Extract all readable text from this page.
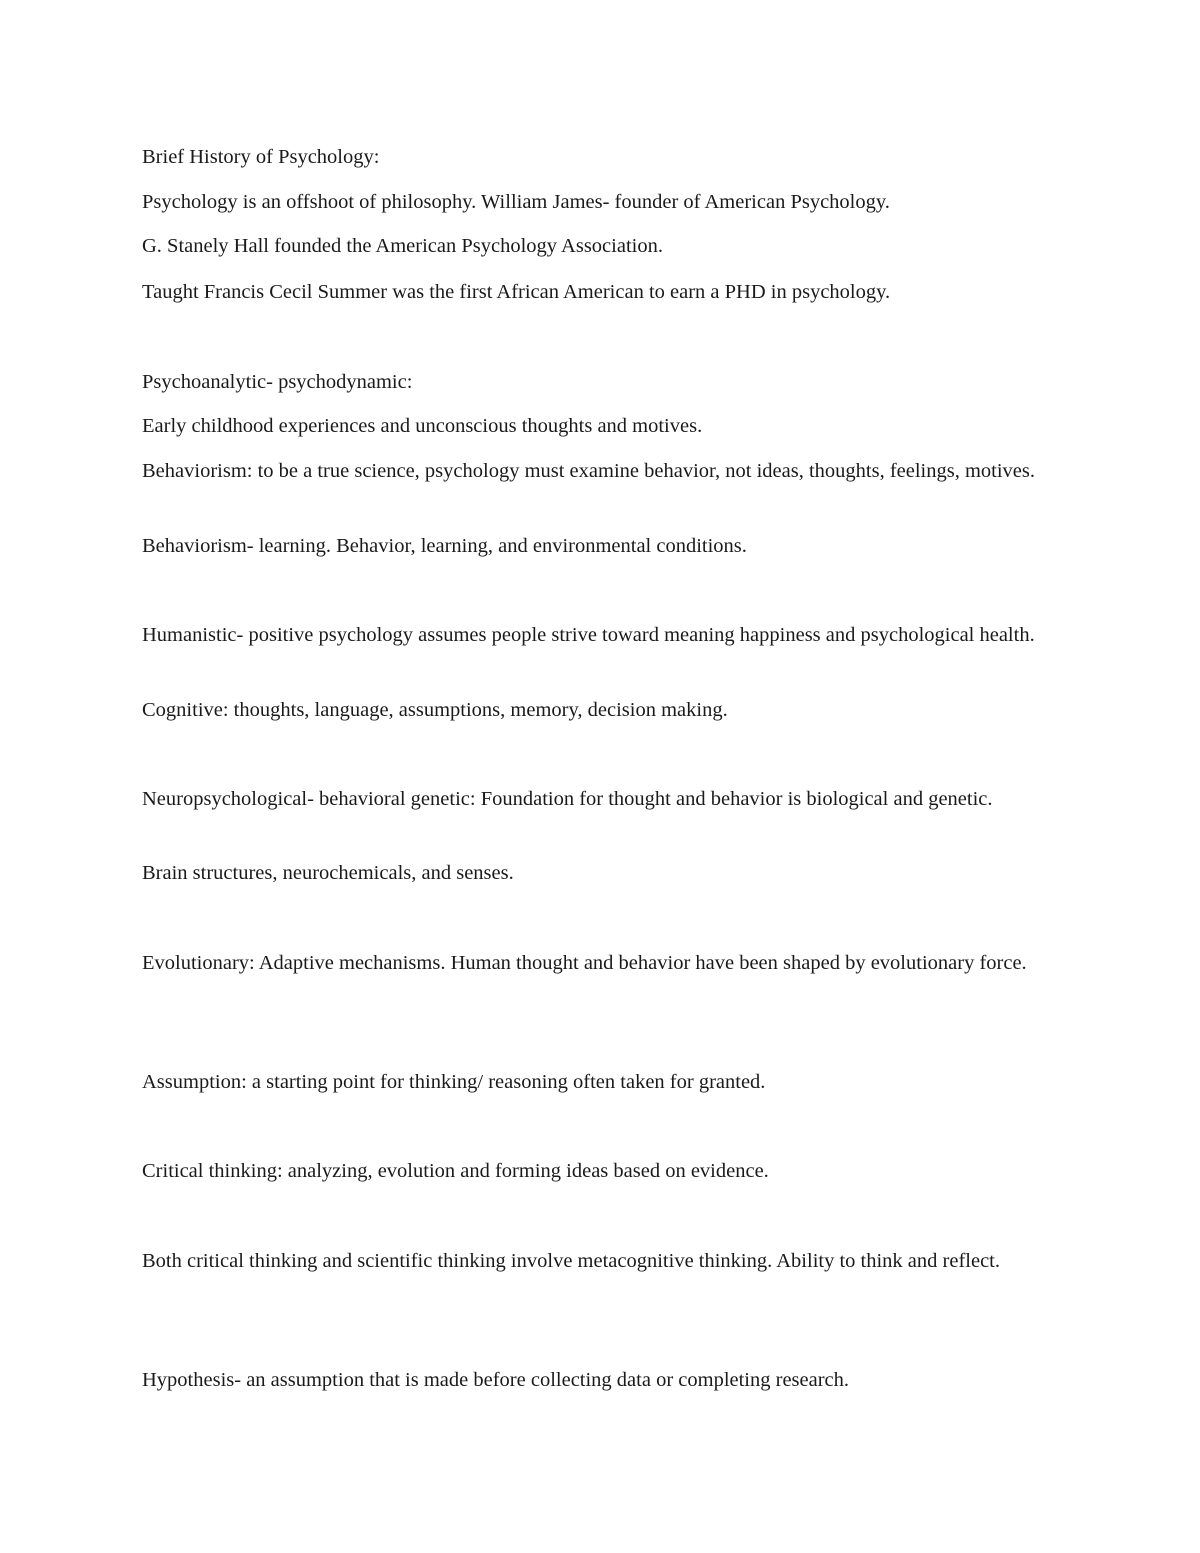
Brief History of Psychology:

Psychology is an offshoot of philosophy. William James- founder of American Psychology.

G. Stanely Hall founded the American Psychology Association.

Taught Francis Cecil Summer was the first African American to earn a PHD in psychology.

Psychoanalytic- psychodynamic:

Early childhood experiences and unconscious thoughts and motives.

Behaviorism: to be a true science, psychology must examine behavior, not ideas, thoughts, feelings, motives.

Behaviorism- learning. Behavior, learning, and environmental conditions.

Humanistic- positive psychology assumes people strive toward meaning happiness and psychological health.

Cognitive: thoughts, language, assumptions, memory, decision making.

Neuropsychological- behavioral genetic: Foundation for thought and behavior is biological and genetic.

Brain structures, neurochemicals, and senses.

Evolutionary: Adaptive mechanisms. Human thought and behavior have been shaped by evolutionary force.

Assumption: a starting point for thinking/ reasoning often taken for granted.

Critical thinking: analyzing, evolution and forming ideas based on evidence.

Both critical thinking and scientific thinking involve metacognitive thinking. Ability to think and reflect.

Hypothesis- an assumption that is made before collecting data or completing research.
